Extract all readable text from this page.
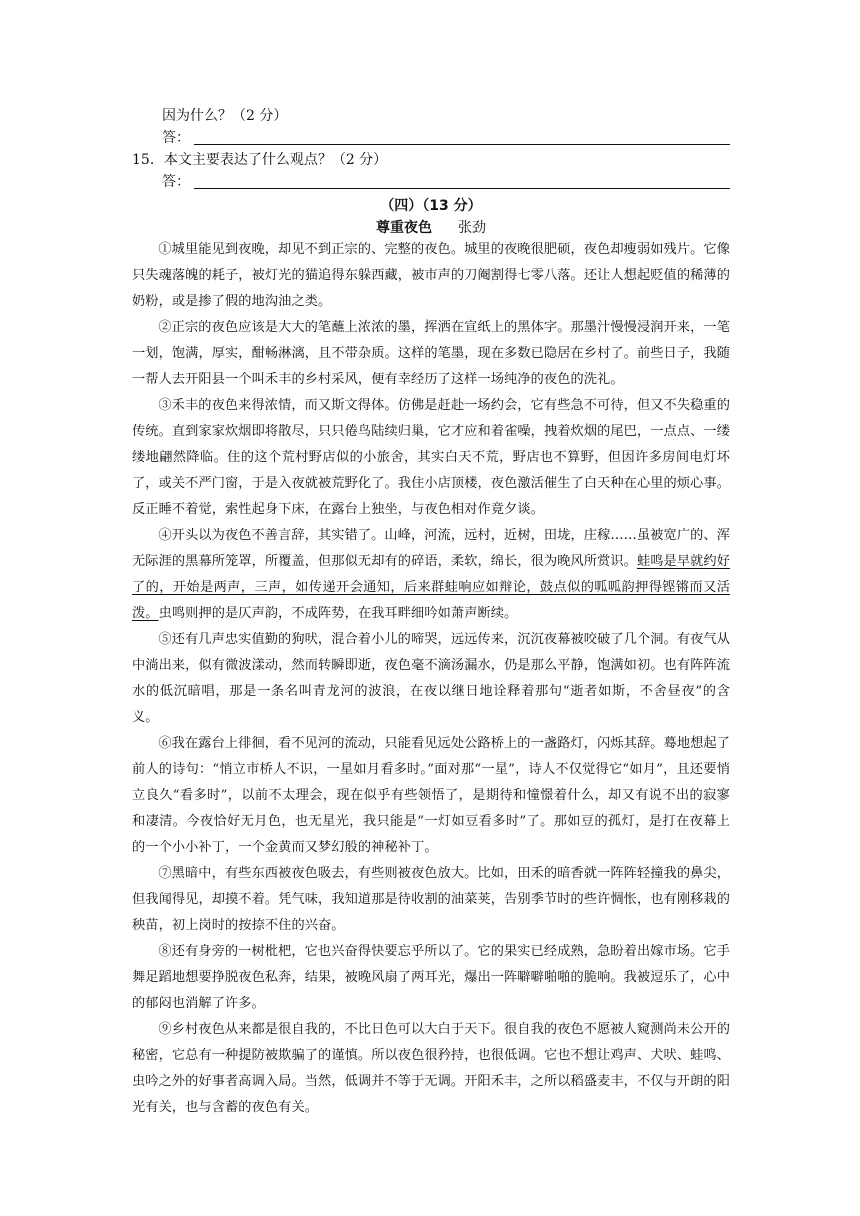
因为什么？（2 分）
答：
15．本文主要表达了什么观点？（2 分）
答：
（四）（13 分）
尊重夜色 张劲
①城里能见到夜晚，却见不到正宗的、完整的夜色。城里的夜晚很肥硕，夜色却瘦弱如残片。它像只失魂落魄的耗子，被灯光的猫追得东躲西藏，被市声的刀阉割得七零八落。还让人想起贬值的稀薄的奶粉，或是掺了假的地沟油之类。
②正宗的夜色应该是大大的笔蘸上浓浓的墨，挥洒在宣纸上的黑体字。那墨汁慢慢浸润开来，一笔一划，饱满，厚实，酣畅淋漓，且不带杂质。这样的笔墨，现在多数已隐居在乡村了。前些日子，我随一帮人去开阳县一个叫禾丰的乡村采风，便有幸经历了这样一场纯净的夜色的洗礼。
③禾丰的夜色来得浓情，而又斯文得体。仿佛是赶赴一场约会，它有些急不可待，但又不失稳重的传统。直到家家炊烟即将散尽，只只倦鸟陆续归巢，它才应和着雀噪，拽着炊烟的尾巴，一点点、一缕缕地翩然降临。住的这个荒村野店似的小旅舍，其实白天不荒，野店也不算野，但因许多房间电灯坏了，或关不严门窗，于是入夜就被荒野化了。我住小店顶楼，夜色激活催生了白天种在心里的烦心事。反正睡不着觉，索性起身下床，在露台上独坐，与夜色相对作竟夕谈。
④开头以为夜色不善言辞，其实错了。山峰，河流，远村，近树，田垅，庄稼……虽被宽广的、浑无际涯的黑幕所笼罩，所覆盖，但那似无却有的碎语，柔软，绵长，很为晚风所赏识。蛙鸣是早就约好了的，开始是两声，三声，如传递开会通知，后来群蛙响应如辩论，鼓点似的呱呱韵押得铿锵而又活泼。虫鸣则押的是仄声韵，不成阵势，在我耳畔细吟如萧声断续。
⑤还有几声忠实值勤的狗吠，混合着小儿的啼哭，远远传来，沉沉夜幕被咬破了几个洞。有夜气从中淌出来，似有微波漾动，然而转瞬即逝，夜色毫不滴汤漏水，仍是那么平静，饱满如初。也有阵阵流水的低沉暗唱，那是一条名叫青龙河的波浪，在夜以继日地诠释着那句“逝者如斯，不舍昼夜”的含义。
⑥我在露台上徘徊，看不见河的流动，只能看见远处公路桥上的一盏路灯，闪烁其辞。蓦地想起了前人的诗句：“悄立市桥人不识，一星如月看多时。”面对那“一星”，诗人不仅觉得它“如月”，且还要悄立良久“看多时”，以前不太理会，现在似乎有些领悟了，是期待和憧憬着什么，却又有说不出的寂寥和凄清。今夜恰好无月色，也无星光，我只能是“一灯如豆看多时”了。那如豆的孤灯，是打在夜幕上的一个小小补丁，一个金黄而又梦幻般的神秘补丁。
⑦黑暗中，有些东西被夜色吸去，有些则被夜色放大。比如，田禾的暗香就一阵阵轻撞我的鼻尖，但我闻得见，却摸不着。凭气味，我知道那是待收割的油菜荚，告别季节时的些许惆怅，也有刚移栽的秧苗，初上岗时的按捺不住的兴奋。
⑧还有身旁的一树枇杷，它也兴奋得快要忘乎所以了。它的果实已经成熟，急盼着出嫁市场。它手舞足蹈地想要挣脱夜色私奔，结果，被晚风扇了两耳光，爆出一阵噼噼啪啪的脆响。我被逗乐了，心中的郁闷也消解了许多。
⑨乡村夜色从来都是很自我的，不比日色可以大白于天下。很自我的夜色不愿被人窥测尚未公开的秘密，它总有一种提防被欺骗了的谨慎。所以夜色很矜持，也很低调。它也不想让鸡声、犬吠、蛙鸣、虫吟之外的好事者高调入局。当然，低调并不等于无调。开阳禾丰，之所以稻盛麦丰，不仅与开朗的阳光有关，也与含蓄的夜色有关。
